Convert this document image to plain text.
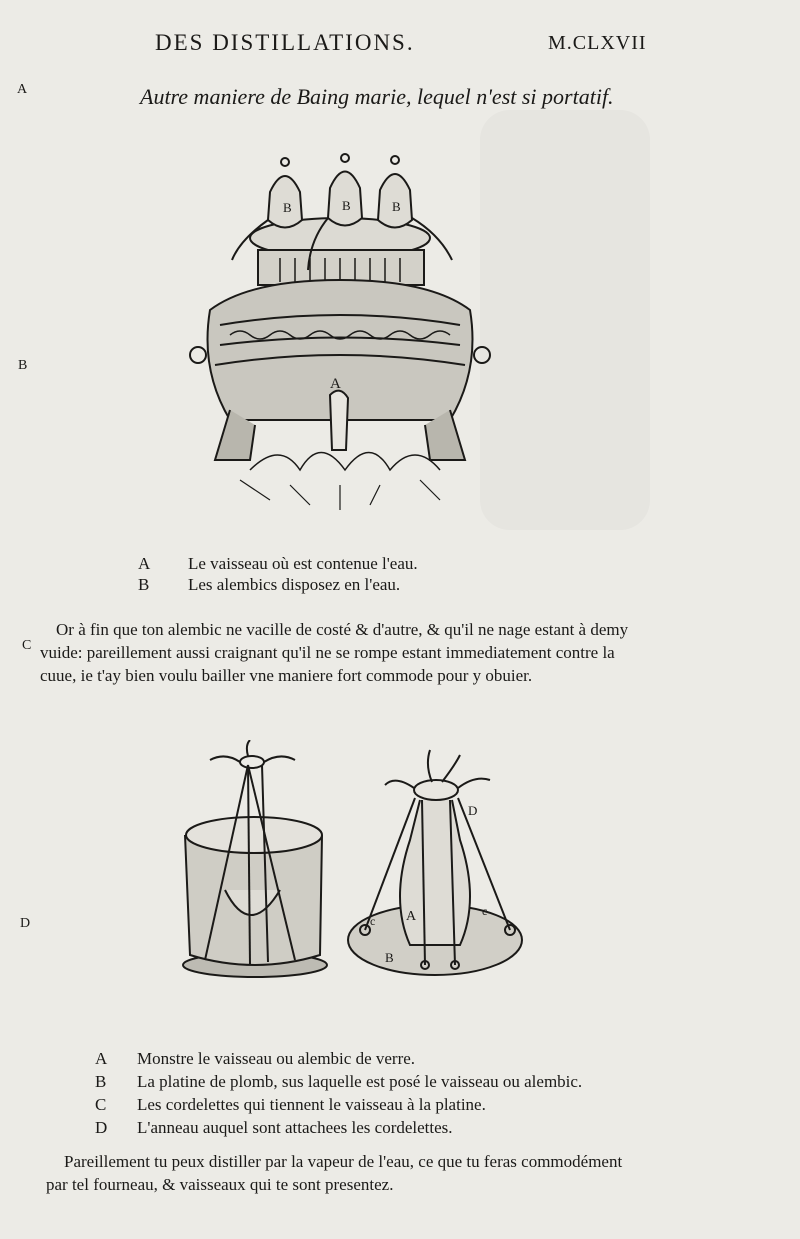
DES DISTILLATIONS.	M.CLXVII
A
B
C
D
Autre maniere de Baing marie, lequel n'est si portatif.
B	B	B
A
A	Le vaisseau où est contenue l'eau.
B	Les alembics disposez en l'eau.
Or à fin que ton alembic ne vacille de costé & d'autre, & qu'il ne nage estant à demy
vuide: pareillement aussi craignant qu'il ne se rompe estant immediatement contre la
cuue, ie t'ay bien voulu bailler vne maniere fort commode pour y obuier.
D
A
B
c
c
A	Monstre le vaisseau ou alembic de verre.
B	La platine de plomb, sus laquelle est posé le vaisseau ou alembic.
C	Les cordelettes qui tiennent le vaisseau à la platine.
D	L'anneau auquel sont attachees les cordelettes.
Pareillement tu peux distiller par la vapeur de l'eau, ce que tu feras commodément
par tel fourneau, & vaisseaux qui te sont presentez.
